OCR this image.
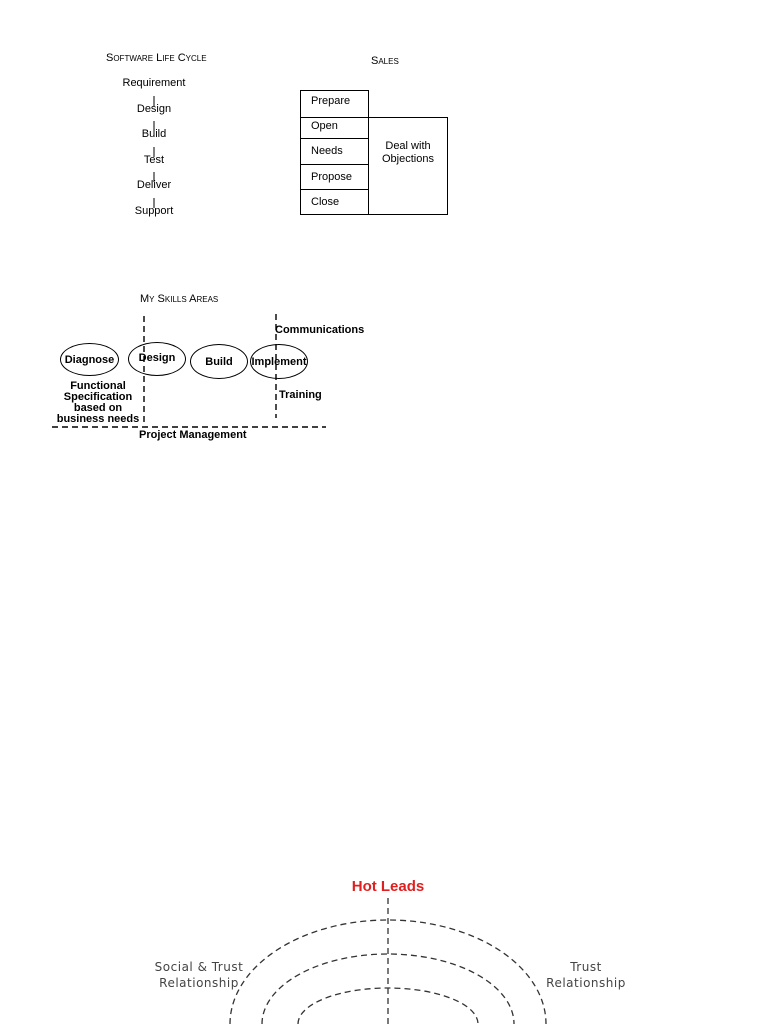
Software Life Cycle
Requirement
Design
Build
Test
Deliver
Support
Sales
Prepare
Open
Needs
Propose
Close
Deal with Objections
My Skills Areas
Communications
Diagnose	Design	Build	Implement
Training
Functional Specification based on business needs
Project Management
Hot Leads
Social & Trust Relationship
Trust Relationship
